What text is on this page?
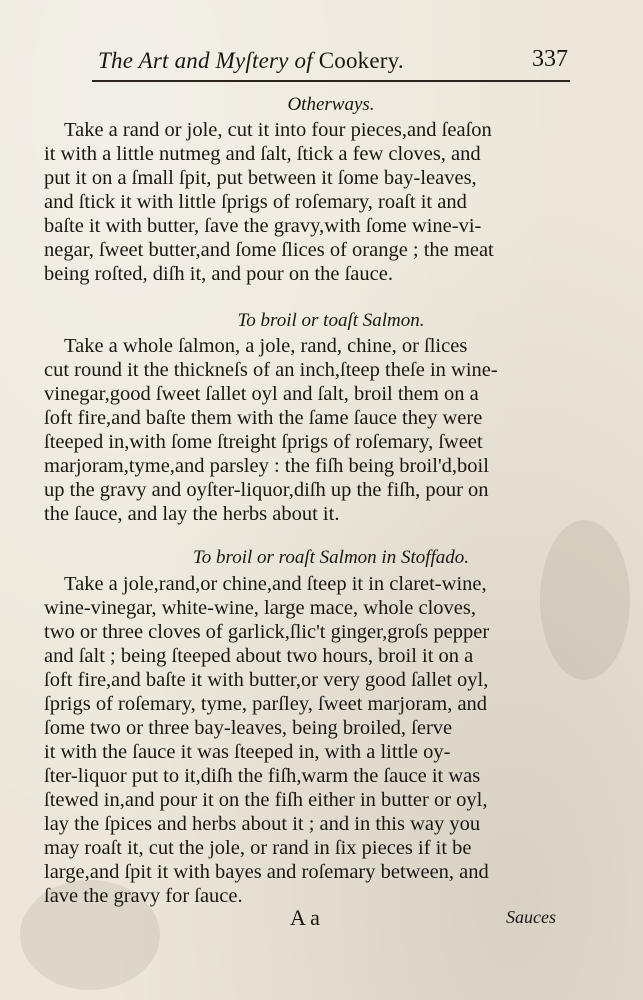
The Art and Myſtery of Cookery.	337
Otherways.
Take a rand or jole, cut it into four pieces,and ſeaſon
it with a little nutmeg and ſalt, ſtick a few cloves, and
put it on a ſmall ſpit, put between it ſome bay-leaves,
and ſtick it with little ſprigs of roſemary, roaſt it and
baſte it with butter, ſave the gravy,with ſome wine-vi-
negar, ſweet butter,and ſome ſlices of orange ; the meat
being roſted, diſh it, and pour on the ſauce.
To broil or toaſt Salmon.
Take a whole ſalmon, a jole, rand, chine, or ſlices
cut round it the thickneſs of an inch,ſteep theſe in wine-
vinegar,good ſweet ſallet oyl and ſalt, broil them on a
ſoft fire,and baſte them with the ſame ſauce they were
ſteeped in,with ſome ſtreight ſprigs of roſemary, ſweet
marjoram,tyme,and parsley : the fiſh being broil'd,boil
up the gravy and oyſter-liquor,diſh up the fiſh, pour on
the ſauce, and lay the herbs about it.
To broil or roaſt Salmon in Stoffado.
Take a jole,rand,or chine,and ſteep it in claret-wine,
wine-vinegar, white-wine, large mace, whole cloves,
two or three cloves of garlick,ſlic't ginger,groſs pepper
and ſalt ; being ſteeped about two hours, broil it on a
ſoft fire,and baſte it with butter,or very good ſallet oyl,
ſprigs of roſemary, tyme, parſley, ſweet marjoram, and
ſome two or three bay-leaves, being broiled, ſerve
it with the ſauce it was ſteeped in, with a little oy-
ſter-liquor put to it,diſh the fiſh,warm the ſauce it was
ſtewed in,and pour it on the fiſh either in butter or oyl,
lay the ſpices and herbs about it ; and in this way you
may roaſt it, cut the jole, or rand in ſix pieces if it be
large,and ſpit it with bayes and roſemary between, and
ſave the gravy for ſauce.
A a	Sauces
